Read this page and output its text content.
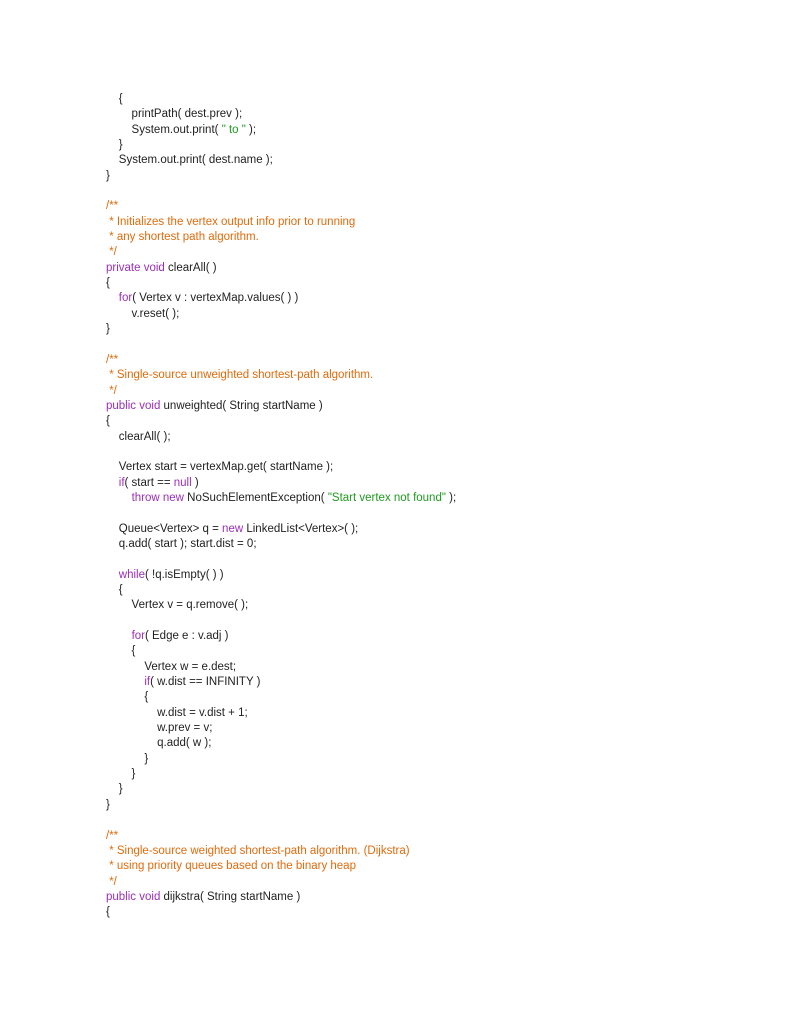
{
printPath( dest.prev );
System.out.print( " to " );
}
System.out.print( dest.name );
}

/**
* Initializes the vertex output info prior to running
* any shortest path algorithm.
*/
private void clearAll( )
{
for( Vertex v : vertexMap.values( ) )
v.reset( );
}

/**
* Single-source unweighted shortest-path algorithm.
*/
public void unweighted( String startName )
{
clearAll( );

Vertex start = vertexMap.get( startName );
if( start == null )
throw new NoSuchElementException( "Start vertex not found" );

Queue<Vertex> q = new LinkedList<Vertex>( );
q.add( start ); start.dist = 0;

while( !q.isEmpty( ) )
{
Vertex v = q.remove( );

for( Edge e : v.adj )
{
Vertex w = e.dest;
if( w.dist == INFINITY )
{
w.dist = v.dist + 1;
w.prev = v;
q.add( w );
}
}
}
}

/**
* Single-source weighted shortest-path algorithm. (Dijkstra)
* using priority queues based on the binary heap
*/
public void dijkstra( String startName )
{
